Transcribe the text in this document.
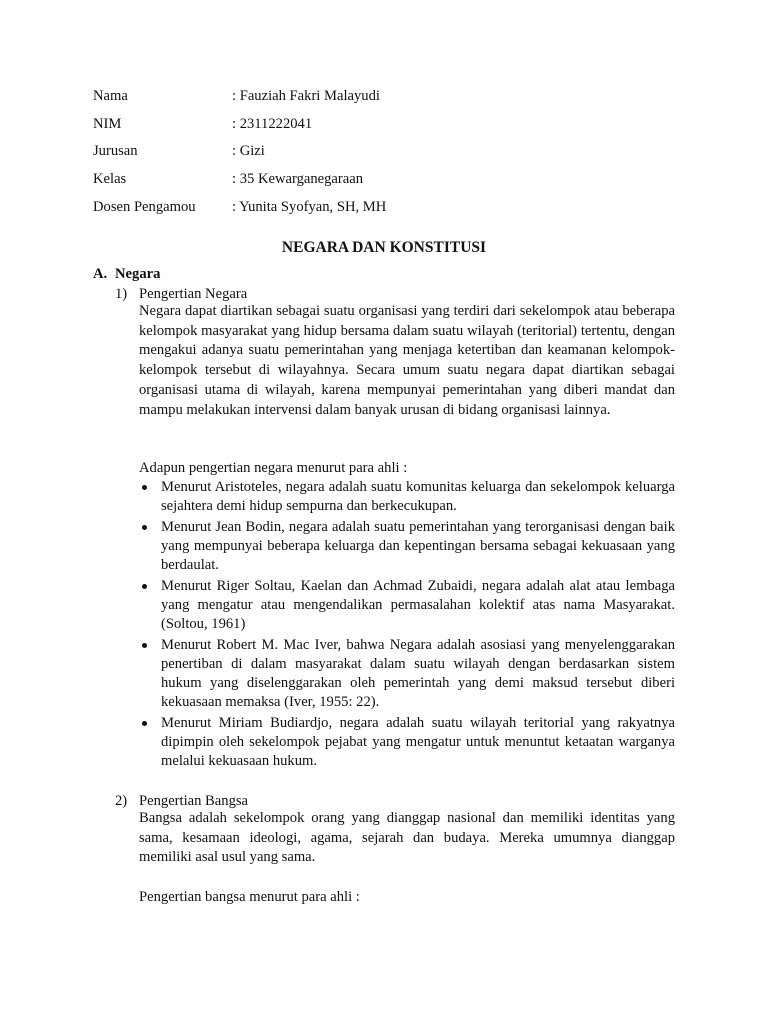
Nama	: Fauziah Fakri Malayudi
NIM	: 2311222041
Jurusan	: Gizi
Kelas	: 35 Kewarganegaraan
Dosen Pengamou : Yunita Syofyan, SH, MH
NEGARA DAN KONSTITUSI
A. Negara
1) Pengertian Negara

Negara dapat diartikan sebagai suatu organisasi yang terdiri dari sekelompok atau beberapa kelompok masyarakat yang hidup bersama dalam suatu wilayah (teritorial) tertentu, dengan mengakui adanya suatu pemerintahan yang menjaga ketertiban dan keamanan kelompok-kelompok tersebut di wilayahnya. Secara umum suatu negara dapat diartikan sebagai organisasi utama di wilayah, karena mempunyai pemerintahan yang diberi mandat dan mampu melakukan intervensi dalam banyak urusan di bidang organisasi lainnya.

Adapun pengertian negara menurut para ahli :
Menurut Aristoteles, negara adalah suatu komunitas keluarga dan sekelompok keluarga sejahtera demi hidup sempurna dan berkecukupan.
Menurut Jean Bodin, negara adalah suatu pemerintahan yang terorganisasi dengan baik yang mempunyai beberapa keluarga dan kepentingan bersama sebagai kekuasaan yang berdaulat.
Menurut Riger Soltau, Kaelan dan Achmad Zubaidi, negara adalah alat atau lembaga yang mengatur atau mengendalikan permasalahan kolektif atas nama Masyarakat. (Soltou, 1961)
Menurut Robert M. Mac Iver, bahwa Negara adalah asosiasi yang menyelenggarakan penertiban di dalam masyarakat dalam suatu wilayah dengan berdasarkan sistem hukum yang diselenggarakan oleh pemerintah yang demi maksud tersebut diberi kekuasaan memaksa (Iver, 1955: 22).
Menurut Miriam Budiardjo, negara adalah suatu wilayah teritorial yang rakyatnya dipimpin oleh sekelompok pejabat yang mengatur untuk menuntut ketaatan warganya melalui kekuasaan hukum.
2) Pengertian Bangsa

Bangsa adalah sekelompok orang yang dianggap nasional dan memiliki identitas yang sama, kesamaan ideologi, agama, sejarah dan budaya. Mereka umumnya dianggap memiliki asal usul yang sama.

Pengertian bangsa menurut para ahli :
